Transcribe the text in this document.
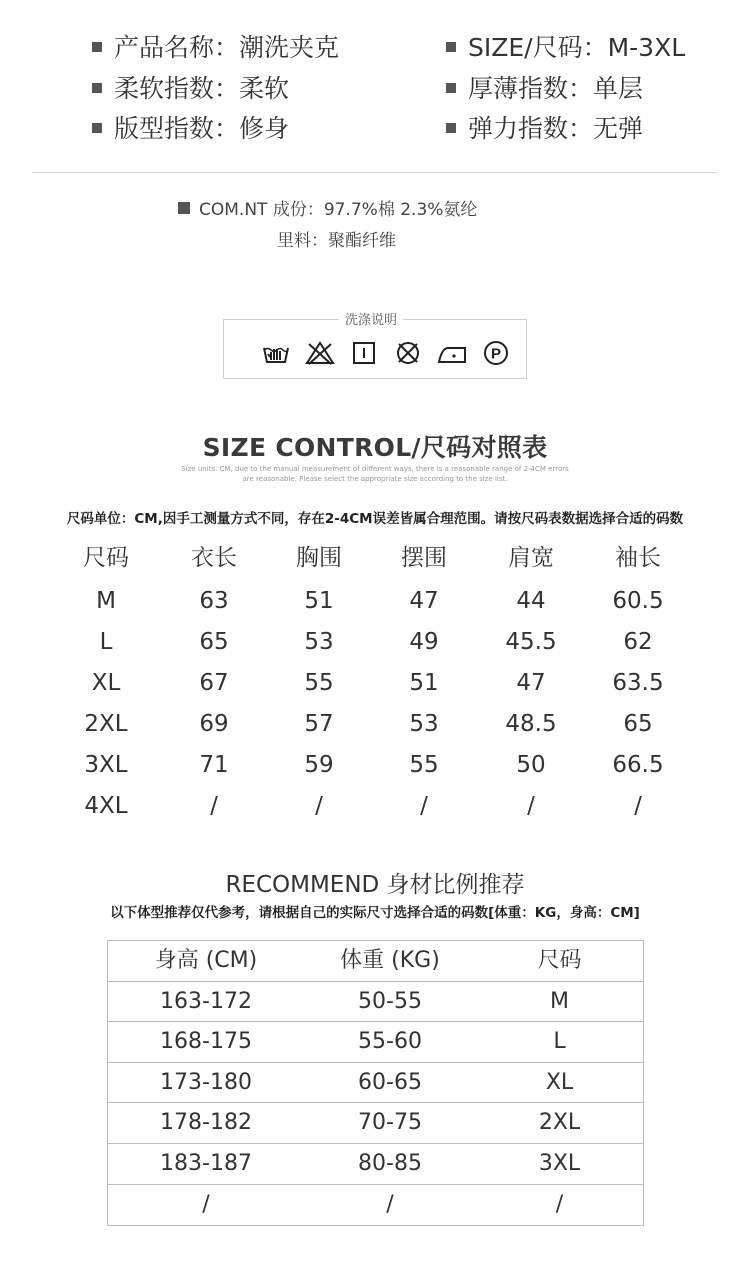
产品名称：潮洗夹克
柔软指数：柔软
版型指数：修身
SIZE/尺码：M-3XL
厚薄指数：单层
弹力指数：无弹
COM.NT 成份：97.7%棉 2.3%氨纶
里料：聚酯纤维
洗涤说明
P
SIZE CONTROL/尺码对照表
Size units: CM, due to the manual measurement of different ways, there is a reasonable range of 2-4CM errors
are reasonable. Please select the appropriate size according to the size list.
尺码单位：CM,因手工测量方式不同，存在2-4CM误差皆属合理范围。请按尺码表数据选择合适的码数
尺码	衣长	胸围	摆围	肩宽	袖长
M	63	51	47	44	60.5
L	65	53	49	45.5	62
XL	67	55	51	47	63.5
2XL	69	57	53	48.5	65
3XL	71	59	55	50	66.5
4XL	/	/	/	/	/
RECOMMEND 身材比例推荐
以下体型推荐仅代参考，请根据自己的实际尺寸选择合适的码数[体重：KG，身高：CM]
身高 (CM)	体重 (KG)	尺码
163-172	50-55	M
168-175	55-60	L
173-180	60-65	XL
178-182	70-75	2XL
183-187	80-85	3XL
/	/	/
